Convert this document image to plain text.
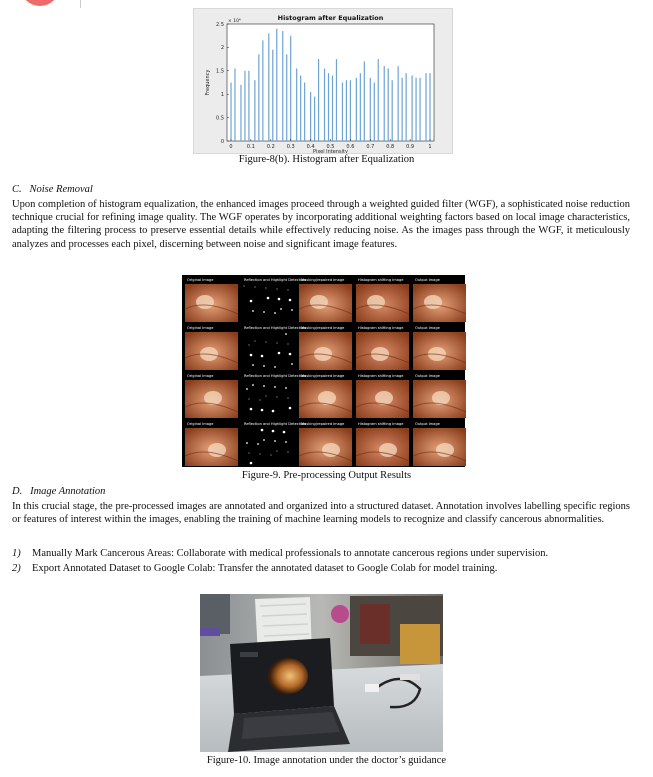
0	0.1 0.2 0.3 0.4 0.5 0.6 0.7 0.8 0.9	1
0
0.5
1
1.5
2
2.5
Histogram after Equalization
Pixel Intensity
Frequency
× 10⁴
Figure-8(b). Histogram after Equalization
C. Noise Removal

Upon completion of histogram equalization, the enhanced images proceed through a weighted guided filter (WGF), a sophisticated noise reduction technique crucial for refining image quality. The WGF operates by incorporating additional weighting factors based on local image characteristics, adapting the filtering process to preserve essential details while effectively reducing noise. As the images pass through the WGF, it meticulously analyzes and processes each pixel, discerning between noise and significant image features.

Original Image	Reflection and Highlight Detection
Masking/repaired image	Histogram shifting Image	Output Image
Original Image	Reflection and Highlight Detection
Masking/repaired image	Histogram shifting Image	Output Image
Original Image	Reflection and Highlight Detection
Masking/repaired image	Histogram shifting Image	Output Image
Original Image	Reflection and Highlight Detection
Masking/repaired image	Histogram shifting Image	Output Image
Figure-9. Pre-processing Output Results
D. Image Annotation

In this crucial stage, the pre-processed images are annotated and organized into a structured dataset. Annotation involves labelling specific regions or features of interest within the images, enabling the training of machine learning models to recognize and classify cancerous abnormalities.

1) Manually Mark Cancerous Areas: Collaborate with medical professionals to annotate cancerous regions under supervision.
2) Export Annotated Dataset to Google Colab: Transfer the annotated dataset to Google Colab for model training.
Figure-10. Image annotation under the doctor’s guidance
